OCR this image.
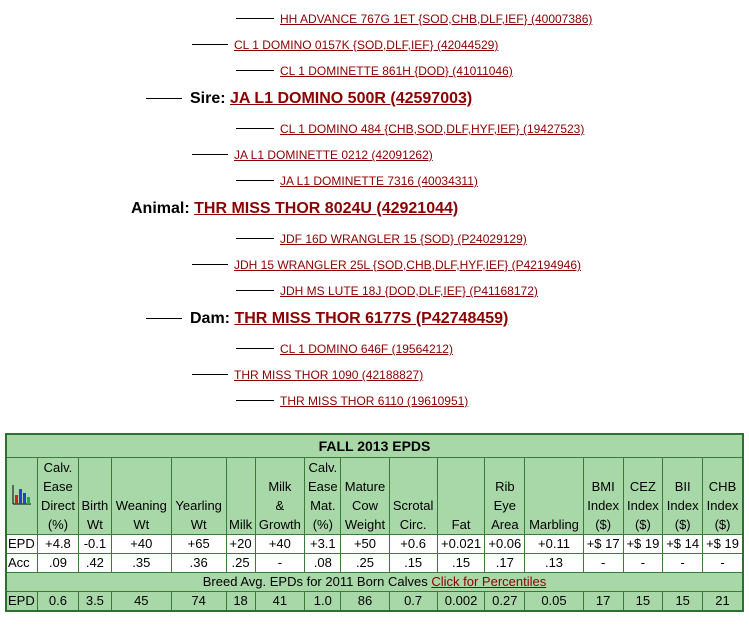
HH ADVANCE 767G 1ET {SOD,CHB,DLF,IEF} (40007386)
CL 1 DOMINO 0157K {SOD,DLF,IEF} (42044529)
CL 1 DOMINETTE 861H {DOD} (41011046)
Sire: JA L1 DOMINO 500R (42597003)
CL 1 DOMINO 484 {CHB,SOD,DLF,HYF,IEF} (19427523)
JA L1 DOMINETTE 0212 (42091262)
JA L1 DOMINETTE 7316 (40034311)
Animal: THR MISS THOR 8024U (42921044)
JDF 16D WRANGLER 15 {SOD} (P24029129)
JDH 15 WRANGLER 25L {SOD,CHB,DLF,HYF,IEF} (P42194946)
JDH MS LUTE 18J {DOD,DLF,IEF} (P41168172)
Dam: THR MISS THOR 6177S (P42748459)
CL 1 DOMINO 646F (19564212)
THR MISS THOR 1090 (42188827)
THR MISS THOR 6110 (19610951)
FALL 2013 EPDS																
	Calv.
Ease
Direct
(%)	Birth
Wt	Weaning
Wt	Yearling
Wt	Milk	Milk
&
Growth	Calv.
Ease
Mat.
(%)	Mature
Cow
Weight	Scrotal
Circ.	Fat	Rib
Eye
Area	Marbling	BMI
Index
($)	CEZ
Index
($)	BII
Index
($)	CHB
Index
($)
EPD	+4.8	-0.1	+40	+65	+20	+40	+3.1	+50	+0.6	+0.021	+0.06	+0.11	+$ 17	+$ 19	+$ 14	+$ 19
Acc	.09	.42	.35	.36	.25	-	.08	.25	.15	.15	.17	.13	-	-	-	-
Breed Avg. EPDs for 2011 Born Calves Click for Percentiles																
EPD	0.6	3.5	45	74	18	41	1.0	86	0.7	0.002	0.27	0.05	17	15	15	21
